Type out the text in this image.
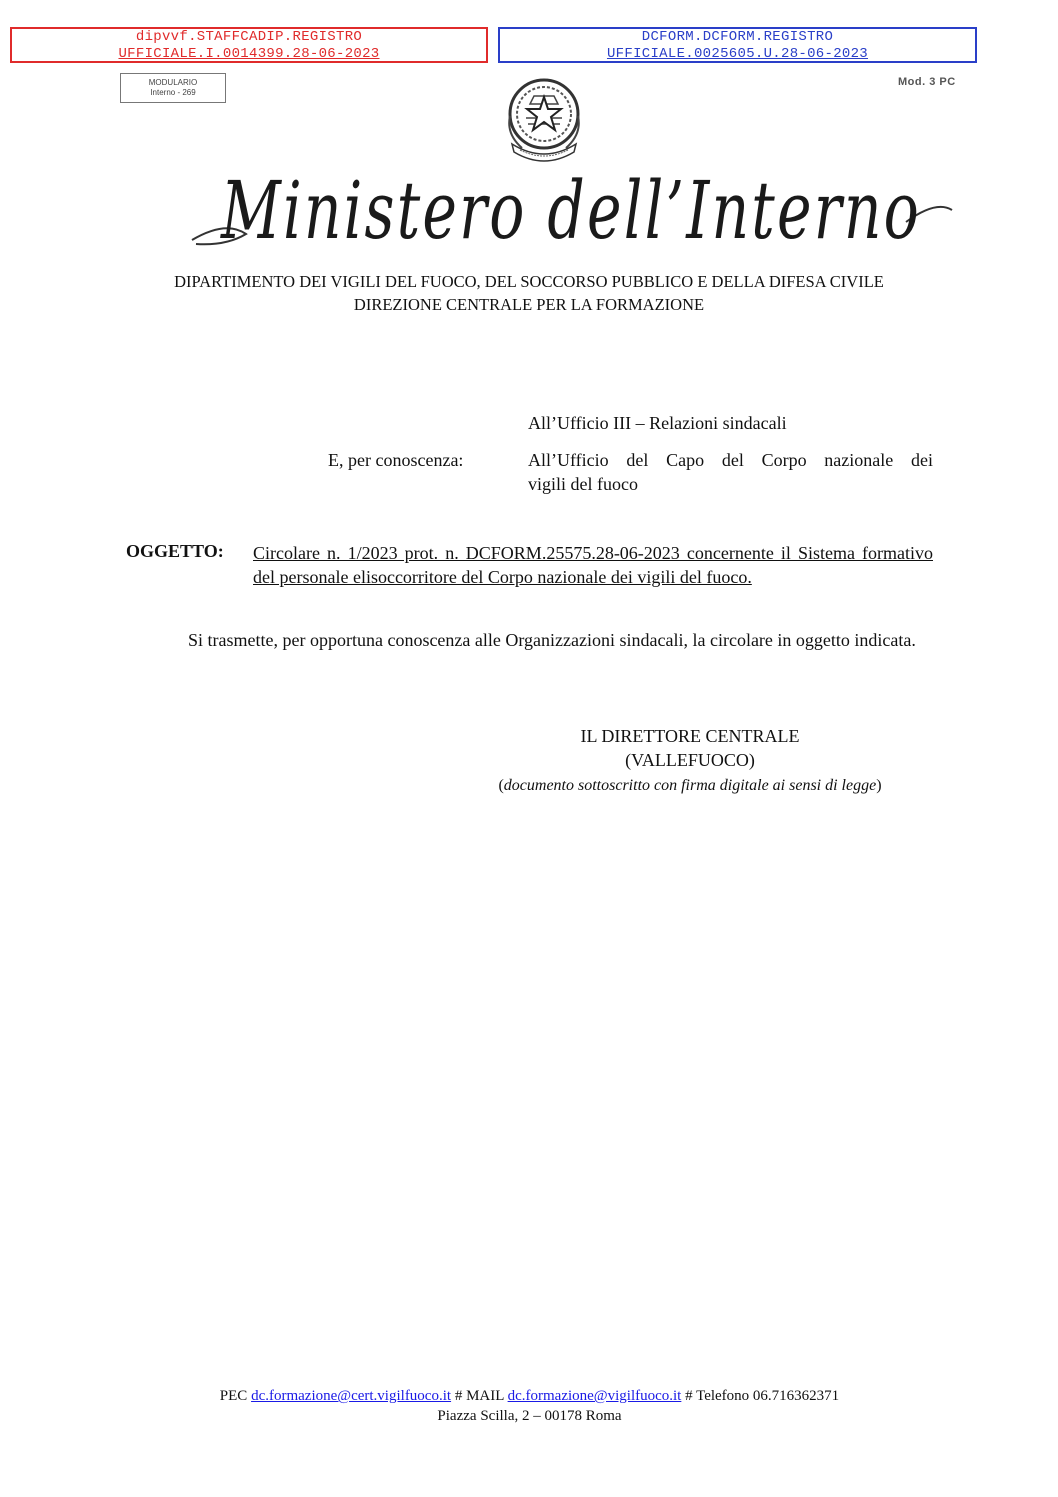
dipvvf.STAFFCADIP.REGISTRO
UFFICIALE.I.0014399.28-06-2023
DCFORM.DCFORM.REGISTRO
UFFICIALE.0025605.U.28-06-2023
MODULARIO
Interno - 269
Mod. 3 PC
Ministero dell’Interno
DIPARTIMENTO DEI VIGILI DEL FUOCO, DEL SOCCORSO PUBBLICO E DELLA DIFESA CIVILE
DIREZIONE CENTRALE PER LA FORMAZIONE
All’Ufficio III – Relazioni sindacali
E, per conoscenza:	All’Ufficio del Capo del Corpo nazionale dei
vigili del fuoco
OGGETTO: Circolare n. 1/2023 prot. n. DCFORM.25575.28-06-2023 concernente il Sistema formativo del personale elisoccorritore del Corpo nazionale dei vigili del fuoco.
Si trasmette, per opportuna conoscenza alle Organizzazioni sindacali, la circolare in oggetto indicata.
IL DIRETTORE CENTRALE
(VALLEFUOCO)
(documento sottoscritto con firma digitale ai sensi di legge)
PEC dc.formazione@cert.vigilfuoco.it # MAIL dc.formazione@vigilfuoco.it # Telefono 06.716362371
Piazza Scilla, 2 – 00178 Roma
